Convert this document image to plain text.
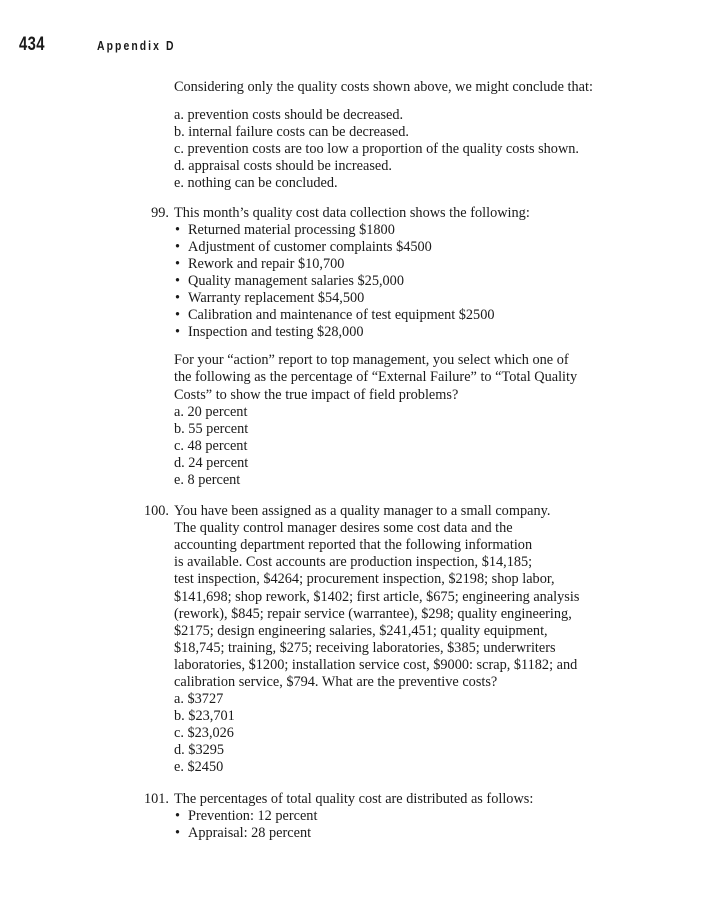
434	Appendix D

Considering only the quality costs shown above, we might conclude that:

a. prevention costs should be decreased.
b. internal failure costs can be decreased.
c. prevention costs are too low a proportion of the quality costs shown.
d. appraisal costs should be increased.
e. nothing can be concluded.
99. This month’s quality cost data collection shows the following:

• Returned material processing $1800
• Adjustment of customer complaints $4500
• Rework and repair $10,700
• Quality management salaries $25,000
• Warranty replacement $54,500
• Calibration and maintenance of test equipment $2500
• Inspection and testing $28,000
For your “action” report to top management, you select which one of
the following as the percentage of “External Failure” to “Total Quality
Costs” to show the true impact of field problems?
a. 20 percent
b. 55 percent
c. 48 percent
d. 24 percent
e. 8 percent
100. You have been assigned as a quality manager to a small company.
The quality control manager desires some cost data and the
accounting department reported that the following information
is available. Cost accounts are production inspection, $14,185;
test inspection, $4264; procurement inspection, $2198; shop labor,
$141,698; shop rework, $1402; first article, $675; engineering analysis
(rework), $845; repair service (warrantee), $298; quality engineering,
$2175; design engineering salaries, $241,451; quality equipment,
$18,745; training, $275; receiving laboratories, $385; underwriters
laboratories, $1200; installation service cost, $9000: scrap, $1182; and
calibration service, $794. What are the preventive costs?
a. $3727
b. $23,701
c. $23,026
d. $3295
e. $2450
101. The percentages of total quality cost are distributed as follows:

• Prevention: 12 percent
• Appraisal: 28 percent
